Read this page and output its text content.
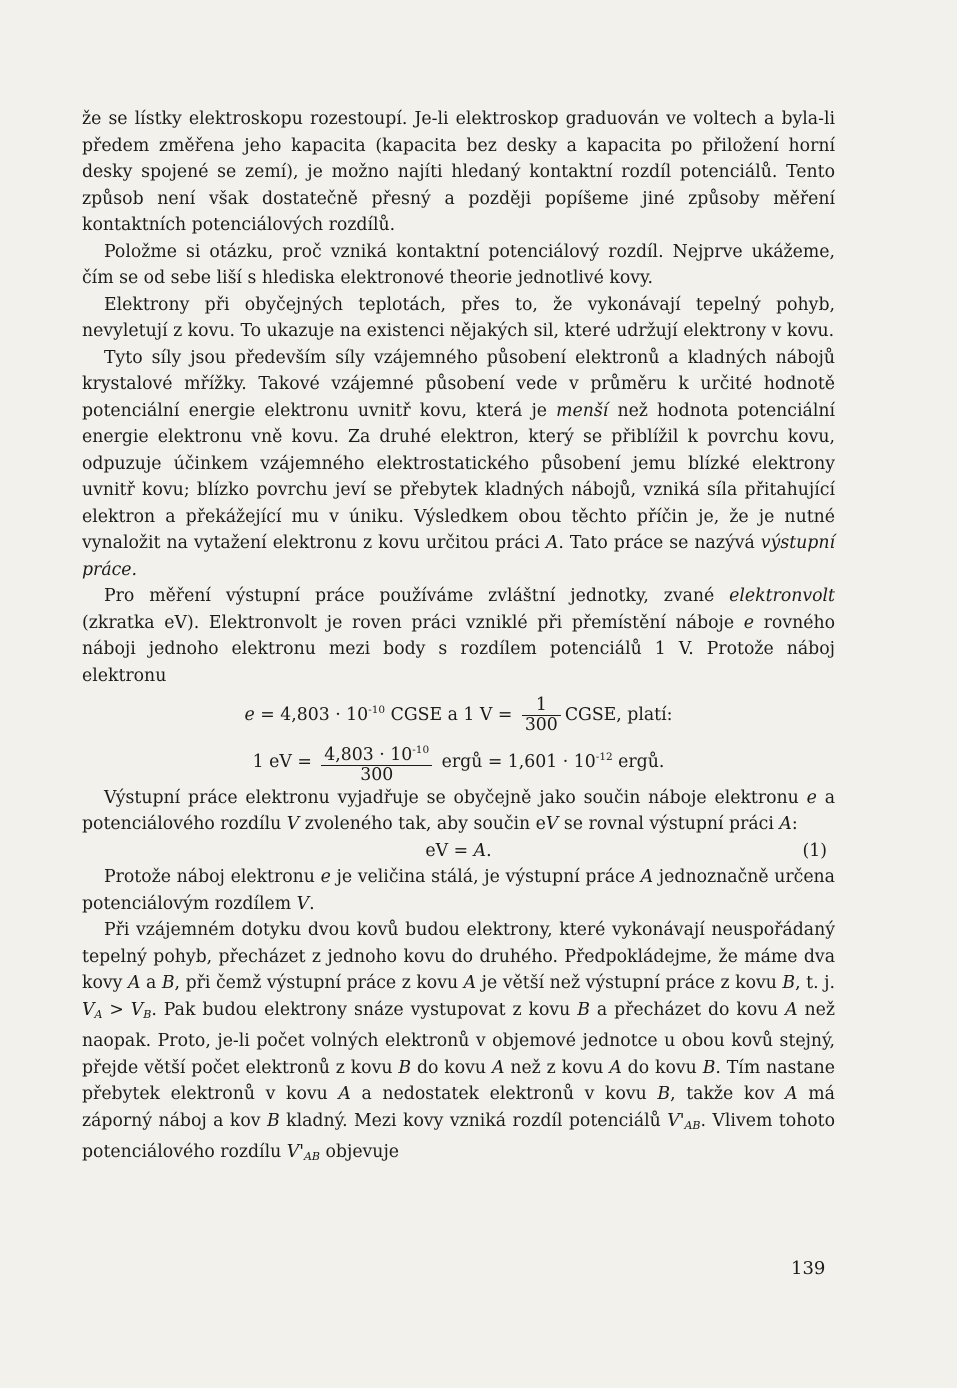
že se lístky elektroskopu rozestoupí. Je-li elektroskop graduován ve voltech a byla-li předem změřena jeho kapacita (kapacita bez desky a kapacita po přiložení horní desky spojené se zemí), je možno najíti hledaný kontaktní rozdíl potenciálů. Tento způsob není však dostatečně přesný a později popíšeme jiné způsoby měření kontaktních potenciálových rozdílů.

Položme si otázku, proč vzniká kontaktní potenciálový rozdíl. Nejprve ukážeme, čím se od sebe liší s hlediska elektronové theorie jednotlivé kovy.

Elektrony při obyčejných teplotách, přes to, že vykonávají tepelný pohyb, nevyletují z kovu. To ukazuje na existenci nějakých sil, které udržují elektrony v kovu.

Tyto síly jsou především síly vzájemného působení elektronů a kladných nábojů krystalové mřížky. Takové vzájemné působení vede v průměru k určité hodnotě potenciální energie elektronu uvnitř kovu, která je menší než hodnota potenciální energie elektronu vně kovu. Za druhé elektron, který se přiblížil k povrchu kovu, odpuzuje účinkem vzájemného elektrostatického působení jemu blízké elektrony uvnitř kovu; blízko povrchu jeví se přebytek kladných nábojů, vzniká síla přitahující elektron a překážející mu v úniku. Výsledkem obou těchto příčin je, že je nutné vynaložit na vytažení elektronu z kovu určitou práci A. Tato práce se nazývá výstupní práce.

Pro měření výstupní práce používáme zvláštní jednotky, zvané elektronvolt (zkratka eV). Elektronvolt je roven práci vzniklé při přemístění náboje e rovného náboji jednoho elektronu mezi body s rozdílem potenciálů 1 V. Protože náboj elektronu

$e = 4,803 \cdot 10^{-10}$ CGSE a 1 $V = \frac{1}{300}$ CGSE, platí:
1 eV = $\frac{4,803 \cdot 10^{-10}}{300}$ ergů = $1,601 \cdot 10^{-12}$ ergů.

Výstupní práce elektronu vyjadřuje se obyčejně jako součin náboje elektronu e a potenciálového rozdílu V zvoleného tak, aby součin eV se rovnal výstupní práci A:

eV = A.	(1)

Protože náboj elektronu e je veličina stálá, je výstupní práce A jednoznačně určena potenciálovým rozdílem V.

Při vzájemném dotyku dvou kovů budou elektrony, které vykonávají neuspořádaný tepelný pohyb, přecházet z jednoho kovu do druhého. Předpokládejme, že máme dva kovy A a B, při čemž výstupní práce z kovu A je větší než výstupní práce z kovu B, t. j. $V_A > V_B$. Pak budou elektrony snáze vystupovat z kovu B a přecházet do kovu A než naopak. Proto, je-li počet volných elektronů v objemové jednotce u obou kovů stejný, přejde větší počet elektronů z kovu B do kovu A než z kovu A do kovu B. Tím nastane přebytek elektronů v kovu A a nedostatek elektronů v kovu B, takže kov A má záporný náboj a kov B kladný. Mezi kovy vzniká rozdíl potenciálů $V'_{AB}$. Vlivem tohoto potenciálového rozdílu $V'_{AB}$ objevuje

139
